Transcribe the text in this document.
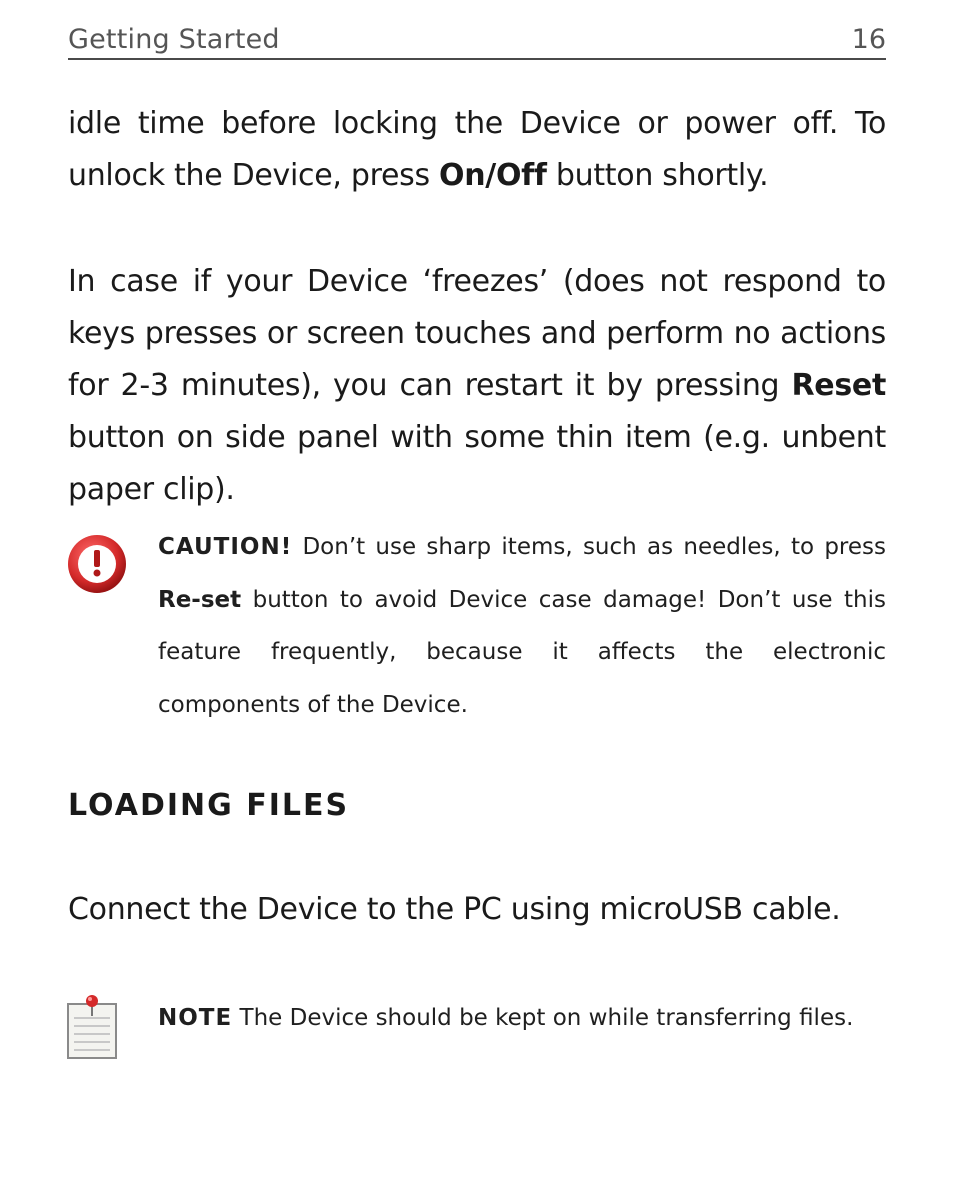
Getting Started	16

idle time before locking the Device or power off. To unlock the Device, press On/Off button shortly.

In case if your Device ‘freezes’ (does not respond to keys presses or screen touches and perform no actions for 2-3 minutes), you can restart it by pressing Reset button on side panel with some thin item (e.g. unbent paper clip).

CAUTION! Don’t use sharp items, such as needles, to press Re-set button to avoid Device case damage! Don’t use this feature frequently, because it affects the electronic components of the Device.

LOADING FILES

Connect the Device to the PC using microUSB cable.

NOTE The Device should be kept on while transferring files.
